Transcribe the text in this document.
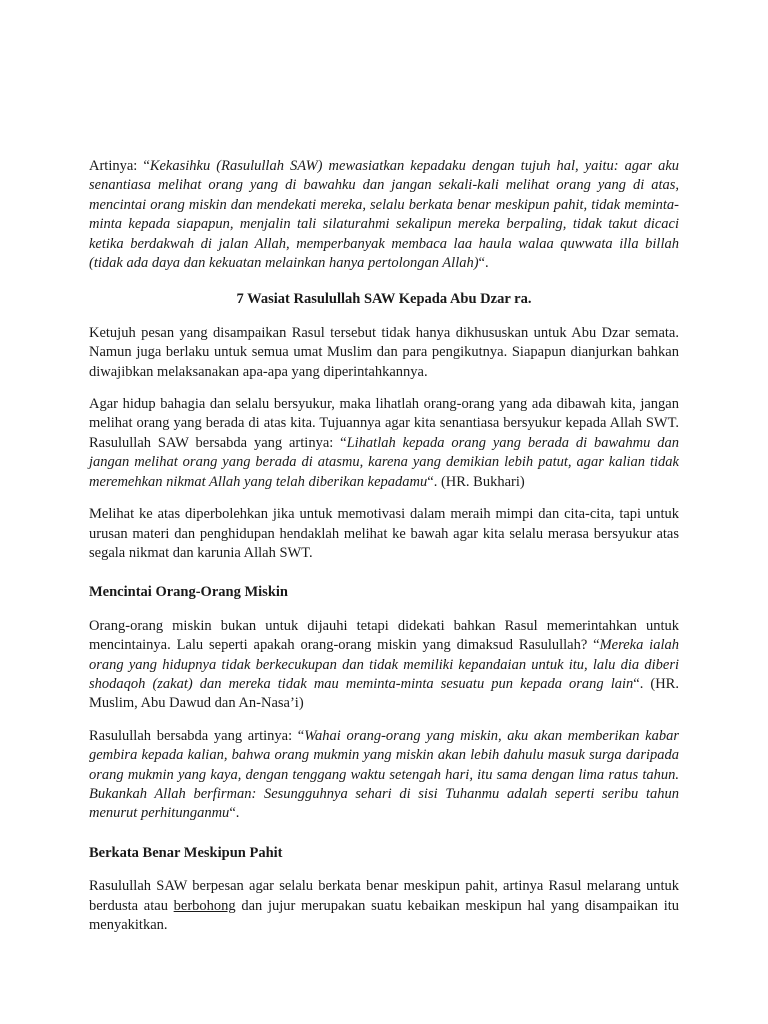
Artinya: “Kekasihku (Rasulullah SAW) mewasiatkan kepadaku dengan tujuh hal, yaitu: agar aku senantiasa melihat orang yang di bawahku dan jangan sekali-kali melihat orang yang di atas, mencintai orang miskin dan mendekati mereka, selalu berkata benar meskipun pahit, tidak meminta-minta kepada siapapun, menjalin tali silaturahmi sekalipun mereka berpaling, tidak takut dicaci ketika berdakwah di jalan Allah, memperbanyak membaca laa haula walaa quwwata illa billah (tidak ada daya dan kekuatan melainkan hanya pertolongan Allah)“.

7 Wasiat Rasulullah SAW Kepada Abu Dzar ra.

Ketujuh pesan yang disampaikan Rasul tersebut tidak hanya dikhususkan untuk Abu Dzar semata. Namun juga berlaku untuk semua umat Muslim dan para pengikutnya. Siapapun dianjurkan bahkan diwajibkan melaksanakan apa-apa yang diperintahkannya.

Agar hidup bahagia dan selalu bersyukur, maka lihatlah orang-orang yang ada dibawah kita, jangan melihat orang yang berada di atas kita. Tujuannya agar kita senantiasa bersyukur kepada Allah SWT. Rasulullah SAW bersabda yang artinya: “Lihatlah kepada orang yang berada di bawahmu dan jangan melihat orang yang berada di atasmu, karena yang demikian lebih patut, agar kalian tidak meremehkan nikmat Allah yang telah diberikan kepadamu“. (HR. Bukhari)

Melihat ke atas diperbolehkan jika untuk memotivasi dalam meraih mimpi dan cita-cita, tapi untuk urusan materi dan penghidupan hendaklah melihat ke bawah agar kita selalu merasa bersyukur atas segala nikmat dan karunia Allah SWT.

Mencintai Orang-Orang Miskin

Orang-orang miskin bukan untuk dijauhi tetapi didekati bahkan Rasul memerintahkan untuk mencintainya. Lalu seperti apakah orang-orang miskin yang dimaksud Rasulullah? “Mereka ialah orang yang hidupnya tidak berkecukupan dan tidak memiliki kepandaian untuk itu, lalu dia diberi shodaqoh (zakat) dan mereka tidak mau meminta-minta sesuatu pun kepada orang lain“. (HR. Muslim, Abu Dawud dan An-Nasa’i)

Rasulullah bersabda yang artinya: “Wahai orang-orang yang miskin, aku akan memberikan kabar gembira kepada kalian, bahwa orang mukmin yang miskin akan lebih dahulu masuk surga daripada orang mukmin yang kaya, dengan tenggang waktu setengah hari, itu sama dengan lima ratus tahun. Bukankah Allah berfirman: Sesungguhnya sehari di sisi Tuhanmu adalah seperti seribu tahun menurut perhitunganmu“.

Berkata Benar Meskipun Pahit

Rasulullah SAW berpesan agar selalu berkata benar meskipun pahit, artinya Rasul melarang untuk berdusta atau berbohong dan jujur merupakan suatu kebaikan meskipun hal yang disampaikan itu menyakitkan.
